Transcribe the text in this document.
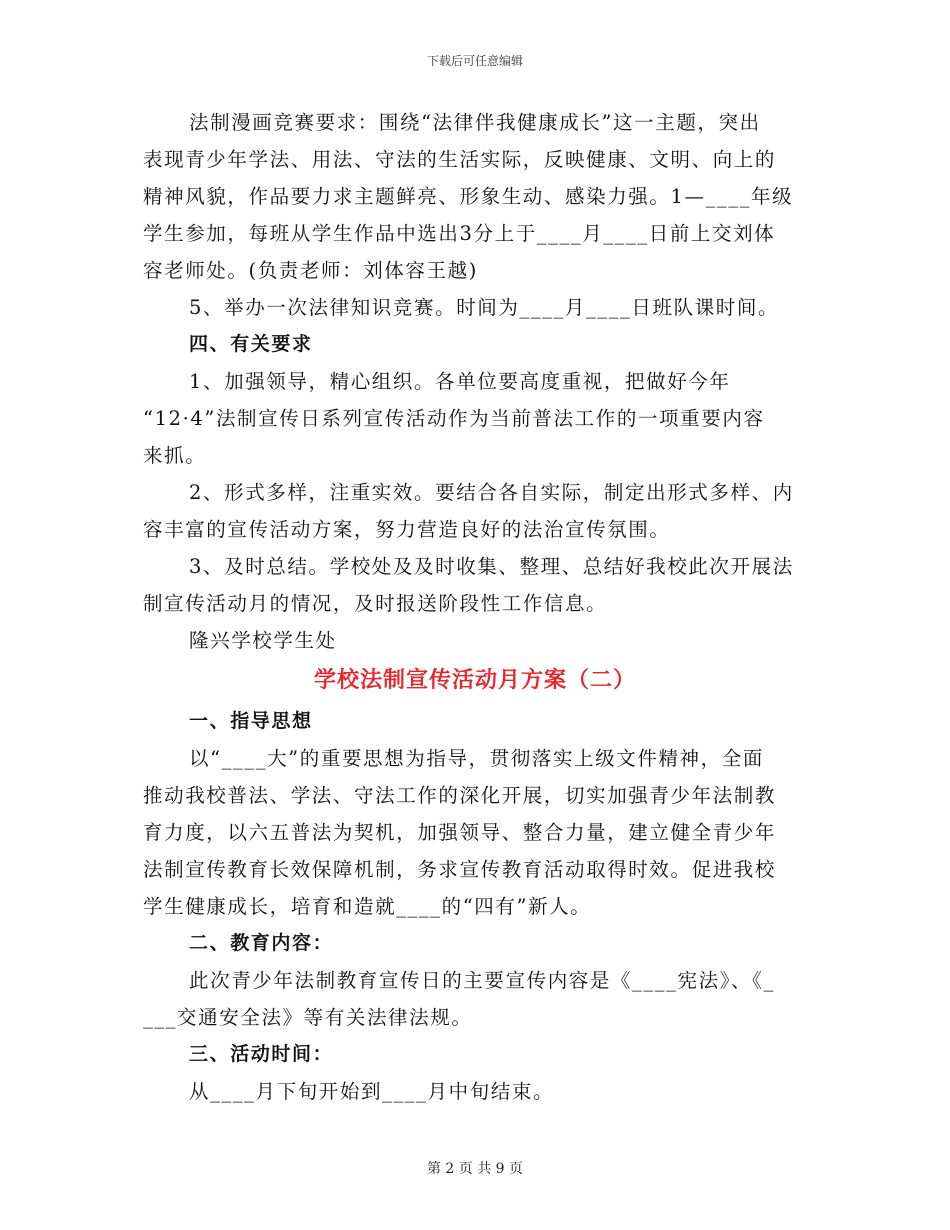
下载后可任意编辑
法制漫画竞赛要求：围绕“法律伴我健康成长”这一主题，突出
表现青少年学法、用法、守法的生活实际，反映健康、文明、向上的
精神风貌，作品要力求主题鲜亮、形象生动、感染力强。1—____年级
学生参加，每班从学生作品中选出3分上于____月____日前上交刘体
容老师处。(负责老师：刘体容王越)
5、举办一次法律知识竞赛。时间为____月____日班队课时间。
四、有关要求
1、加强领导，精心组织。各单位要高度重视，把做好今年
“12·4”法制宣传日系列宣传活动作为当前普法工作的一项重要内容
来抓。
2、形式多样，注重实效。要结合各自实际，制定出形式多样、内
容丰富的宣传活动方案，努力营造良好的法治宣传氛围。
3、及时总结。学校处及及时收集、整理、总结好我校此次开展法
制宣传活动月的情况，及时报送阶段性工作信息。
隆兴学校学生处
学校法制宣传活动月方案（二）
一、指导思想
以“____大”的重要思想为指导，贯彻落实上级文件精神，全面
推动我校普法、学法、守法工作的深化开展，切实加强青少年法制教
育力度，以六五普法为契机，加强领导、整合力量，建立健全青少年
法制宣传教育长效保障机制，务求宣传教育活动取得时效。促进我校
学生健康成长，培育和造就____的“四有”新人。
二、教育内容：
此次青少年法制教育宣传日的主要宣传内容是《____宪法》、《_
___交通安全法》等有关法律法规。
三、活动时间：
从____月下旬开始到____月中旬结束。
第 2 页 共 9 页
